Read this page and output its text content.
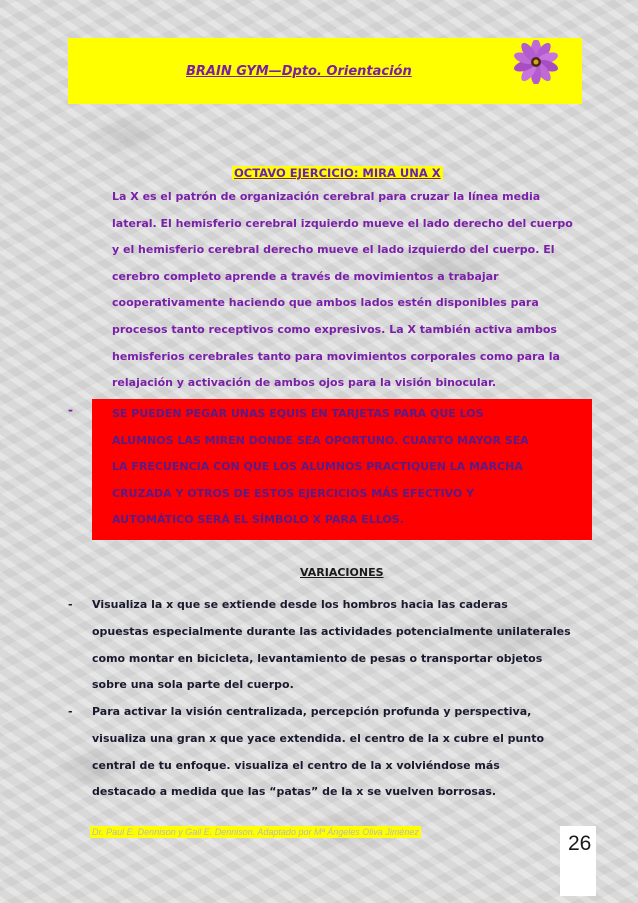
BRAIN GYM—Dpto. Orientación
OCTAVO EJERCICIO: MIRA UNA X
La X es el patrón de organización cerebral para cruzar la línea media
lateral. El hemisferio cerebral izquierdo mueve el lado derecho del cuerpo
y el hemisferio cerebral derecho mueve el lado izquierdo del cuerpo. El
cerebro completo aprende a través de movimientos a trabajar
cooperativamente haciendo que ambos lados estén disponibles para
procesos tanto receptivos como expresivos. La X también activa ambos
hemisferios cerebrales tanto para movimientos corporales como para la
relajación y activación de ambos ojos para la visión binocular.
-	SE PUEDEN PEGAR UNAS EQUIS EN TARJETAS PARA QUE LOS
ALUMNOS LAS MIREN DONDE SEA OPORTUNO. CUANTO MAYOR SEA
LA FRECUENCIA CON QUE LOS ALUMNOS PRACTIQUEN LA MARCHA
CRUZADA Y OTROS DE ESTOS EJERCICIOS MÁS EFECTIVO Y
AUTOMÁTICO SERÁ EL SÍMBOLO X PARA ELLOS.
VARIACIONES
- Visualiza la x que se extiende desde los hombros hacia las caderas
opuestas especialmente durante las actividades potencialmente unilaterales
como montar en bicicleta, levantamiento de pesas o transportar objetos
sobre una sola parte del cuerpo.
- Para activar la visión centralizada, percepción profunda y perspectiva,
visualiza una gran x que yace extendida. el centro de la x cubre el punto
central de tu enfoque. visualiza el centro de la x volviéndose más
destacado a medida que las “patas” de la x se vuelven borrosas.
Dr. Paul E. Dennison y Gail E. Dennison. Adaptado por Mª Ángeles Oliva Jiménez	26
